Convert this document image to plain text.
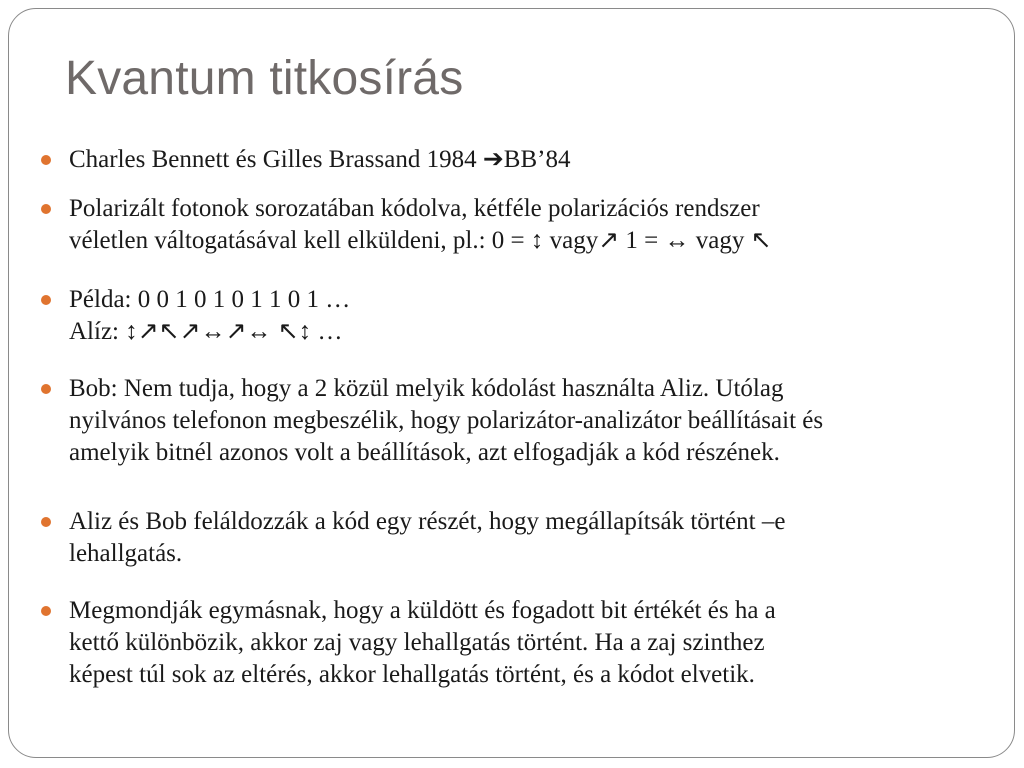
Kvantum titkosírás
Charles Bennett és Gilles Brassand 1984 ➔BB’84
Polarizált fotonok sorozatában kódolva, kétféle polarizációs rendszer
véletlen váltogatásával kell elküldeni, pl.: 0 = ↕ vagy↗ 1 = ↔ vagy ↖
Példa: 0 0 1 0 1 0 1 1 0 1 …
Alíz: ↕↗↖↗↔↗↔ ↖↕ …
Bob: Nem tudja, hogy a 2 közül melyik kódolást használta Aliz. Utólag
nyilvános telefonon megbeszélik, hogy polarizátor-analizátor beállításait és
amelyik bitnél azonos volt a beállítások, azt elfogadják a kód részének.
Aliz és Bob feláldozzák a kód egy részét, hogy megállapítsák történt –e
lehallgatás.
Megmondják egymásnak, hogy a küldött és fogadott bit értékét és ha a
kettő különbözik, akkor zaj vagy lehallgatás történt. Ha a zaj szinthez
képest túl sok az eltérés, akkor lehallgatás történt, és a kódot elvetik.
